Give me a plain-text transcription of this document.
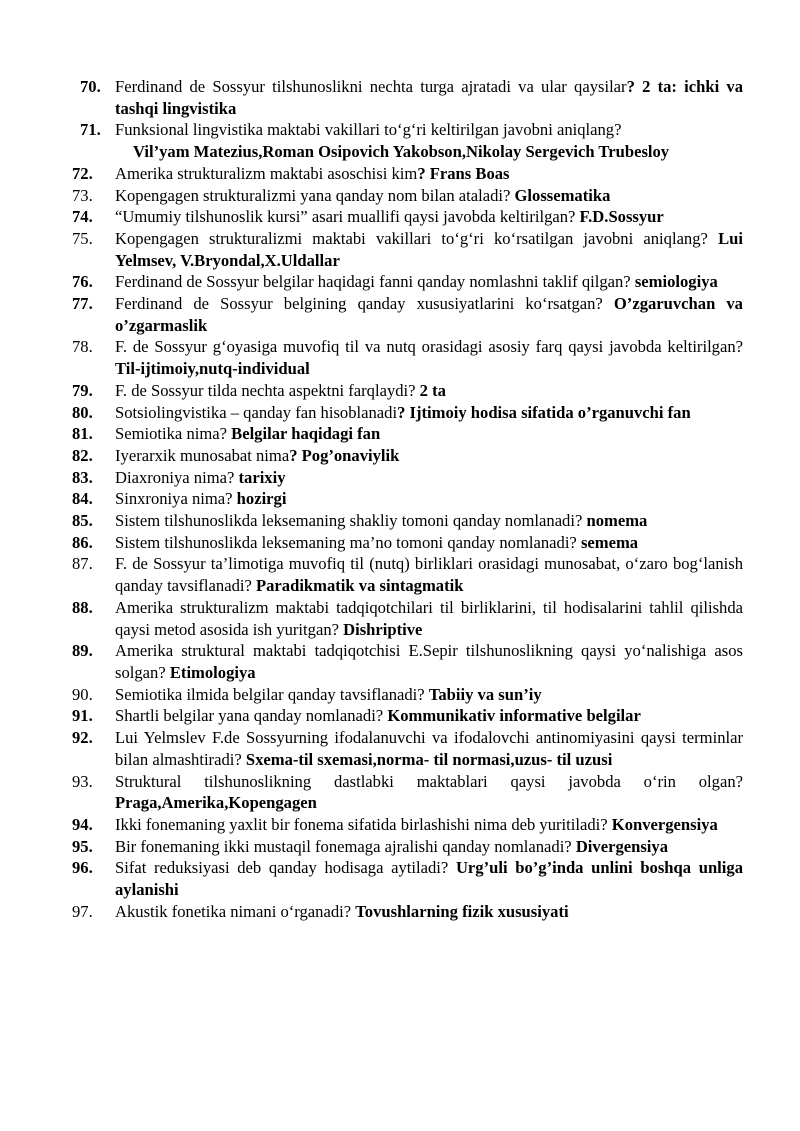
70. Ferdinand de Sossyur tilshunoslikni nechta turga ajratadi va ular qaysilar? 2 ta: ichki va tashqi lingvistika
71. Funksional lingvistika maktabi vakillari to‘g‘ri keltirilgan javobni aniqlang?
Vil’yam Matezius,Roman Osipovich Yakobson,Nikolay Sergevich Trubesloy
72.	Amerika strukturalizm maktabi asoschisi kim? Frans Boas
73.	Kopengagen strukturalizmi yana qanday nom bilan ataladi? Glossematika
74.	“Umumiy tilshunoslik kursi” asari muallifi qaysi javobda keltirilgan? F.D.Sossyur
75.	Kopengagen strukturalizmi maktabi vakillari to‘g‘ri ko‘rsatilgan javobni aniqlang? Lui Yelmsev, V.Bryondal,X.Uldallar
76.	Ferdinand de Sossyur belgilar haqidagi fanni qanday nomlashni taklif qilgan? semiologiya
77.	Ferdinand de Sossyur belgining qanday xususiyatlarini ko‘rsatgan? O’zgaruvchan va o’zgarmaslik
78.	F. de Sossyur g‘oyasiga muvofiq til va nutq orasidagi asosiy farq qaysi javobda keltirilgan? Til-ijtimoiy,nutq-individual
79.	F. de Sossyur tilda nechta aspektni farqlaydi? 2 ta
80.	Sotsiolingvistika – qanday fan hisoblanadi? Ijtimoiy hodisa sifatida o’rganuvchi fan
81.	Semiotika nima? Belgilar haqidagi fan
82.	Iyerarxik munosabat nima? Pog’onaviylik
83.	Diaxroniya nima? tarixiy
84.	Sinxroniya nima? hozirgi
85.	Sistem tilshunoslikda leksemaning shakliy tomoni qanday nomlanadi? nomema
86.	Sistem tilshunoslikda leksemaning ma’no tomoni qanday nomlanadi? semema
87.	F. de Sossyur ta’limotiga muvofiq til (nutq) birliklari orasidagi munosabat, o‘zaro bog‘lanish qanday tavsiflanadi? Paradikmatik va sintagmatik
88.	Amerika strukturalizm maktabi tadqiqotchilari til birliklarini, til hodisalarini tahlil qilishda qaysi metod asosida ish yuritgan? Dishriptive
89.	Amerika struktural maktabi tadqiqotchisi E.Sepir tilshunoslikning qaysi yo‘nalishiga asos solgan? Etimologiya
90.	Semiotika ilmida belgilar qanday tavsiflanadi? Tabiiy va sun’iy
91.	Shartli belgilar yana qanday nomlanadi? Kommunikativ informative belgilar
92.	Lui Yelmslev F.de Sossyurning ifodalanuvchi va ifodalovchi antinomiyasini qaysi terminlar bilan almashtiradi? Sxema-til sxemasi,norma- til normasi,uzus- til uzusi
93.	Struktural tilshunoslikning dastlabki maktablari qaysi javobda o‘rin olgan? Praga,Amerika,Kopengagen
94.	Ikki fonemaning yaxlit bir fonema sifatida birlashishi nima deb yuritiladi? Konvergensiya
95.	Bir fonemaning ikki mustaqil fonemaga ajralishi qanday nomlanadi? Divergensiya
96.	Sifat reduksiyasi deb qanday hodisaga aytiladi? Urg’uli bo’g’inda unlini boshqa unliga aylanishi
97.	Akustik fonetika nimani o‘rganadi? Tovushlarning fizik xususiyati
